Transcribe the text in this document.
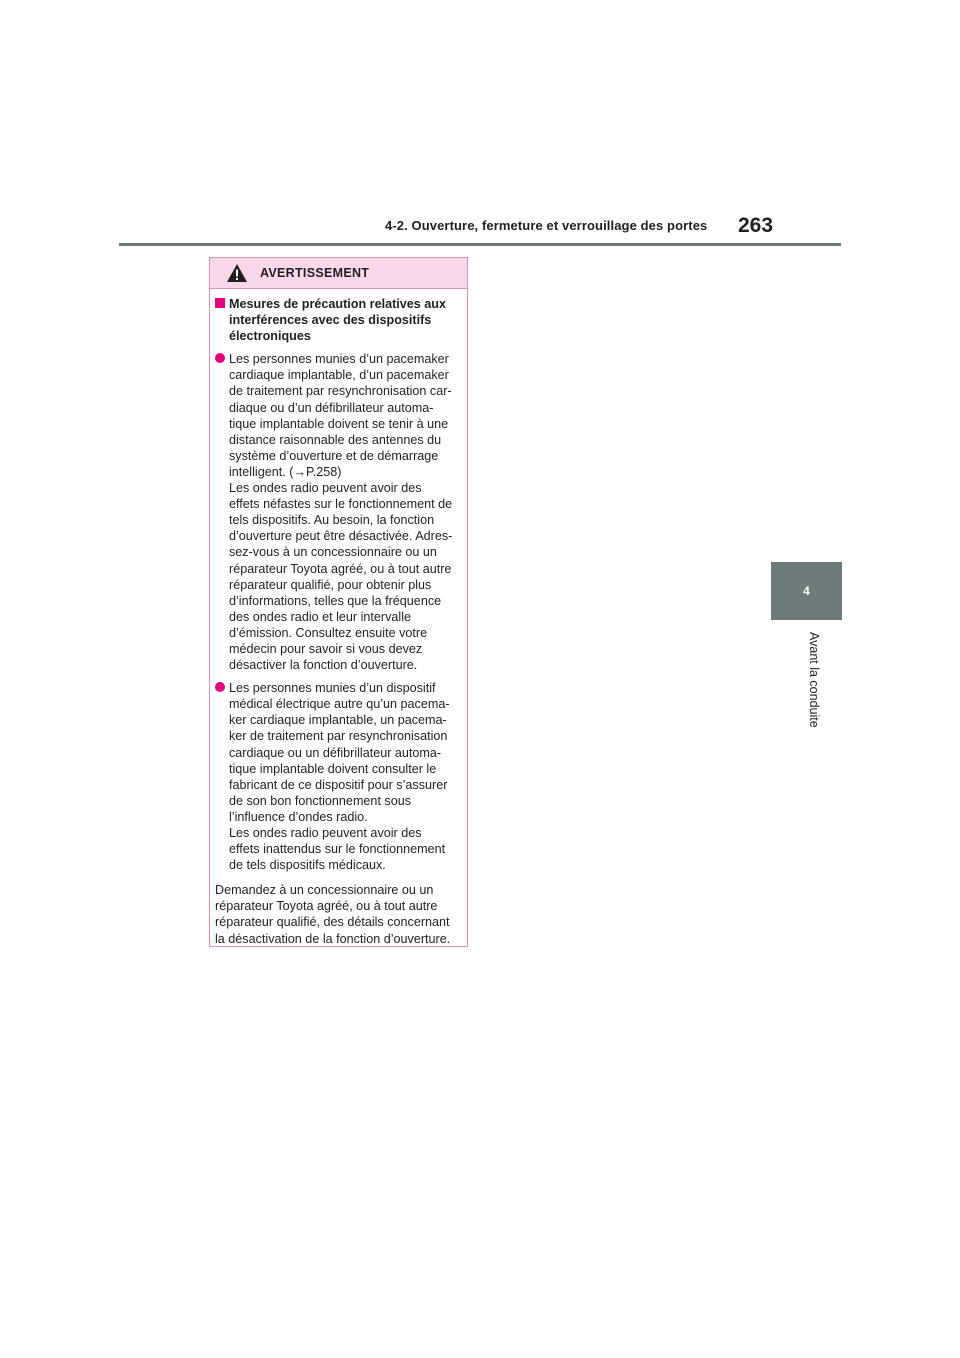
4-2. Ouverture, fermeture et verrouillage des portes 263
4
Avant la conduite
AVERTISSEMENT
Mesures de précaution relatives aux
interférences avec des dispositifs
électroniques
Les personnes munies d’un pacemaker
cardiaque implantable, d’un pacemaker
de traitement par resynchronisation car-
diaque ou d’un défibrillateur automa-
tique implantable doivent se tenir à une
distance raisonnable des antennes du
système d’ouverture et de démarrage
intelligent. (→P.258)
Les ondes radio peuvent avoir des
effets néfastes sur le fonctionnement de
tels dispositifs. Au besoin, la fonction
d’ouverture peut être désactivée. Adres-
sez-vous à un concessionnaire ou un
réparateur Toyota agréé, ou à tout autre
réparateur qualifié, pour obtenir plus
d’informations, telles que la fréquence
des ondes radio et leur intervalle
d’émission. Consultez ensuite votre
médecin pour savoir si vous devez
désactiver la fonction d’ouverture.
Les personnes munies d’un dispositif
médical électrique autre qu’un pacema-
ker cardiaque implantable, un pacema-
ker de traitement par resynchronisation
cardiaque ou un défibrillateur automa-
tique implantable doivent consulter le
fabricant de ce dispositif pour s’assurer
de son bon fonctionnement sous
l’influence d’ondes radio.
Les ondes radio peuvent avoir des
effets inattendus sur le fonctionnement
de tels dispositifs médicaux.
Demandez à un concessionnaire ou un
réparateur Toyota agréé, ou à tout autre
réparateur qualifié, des détails concernant
la désactivation de la fonction d’ouverture.
